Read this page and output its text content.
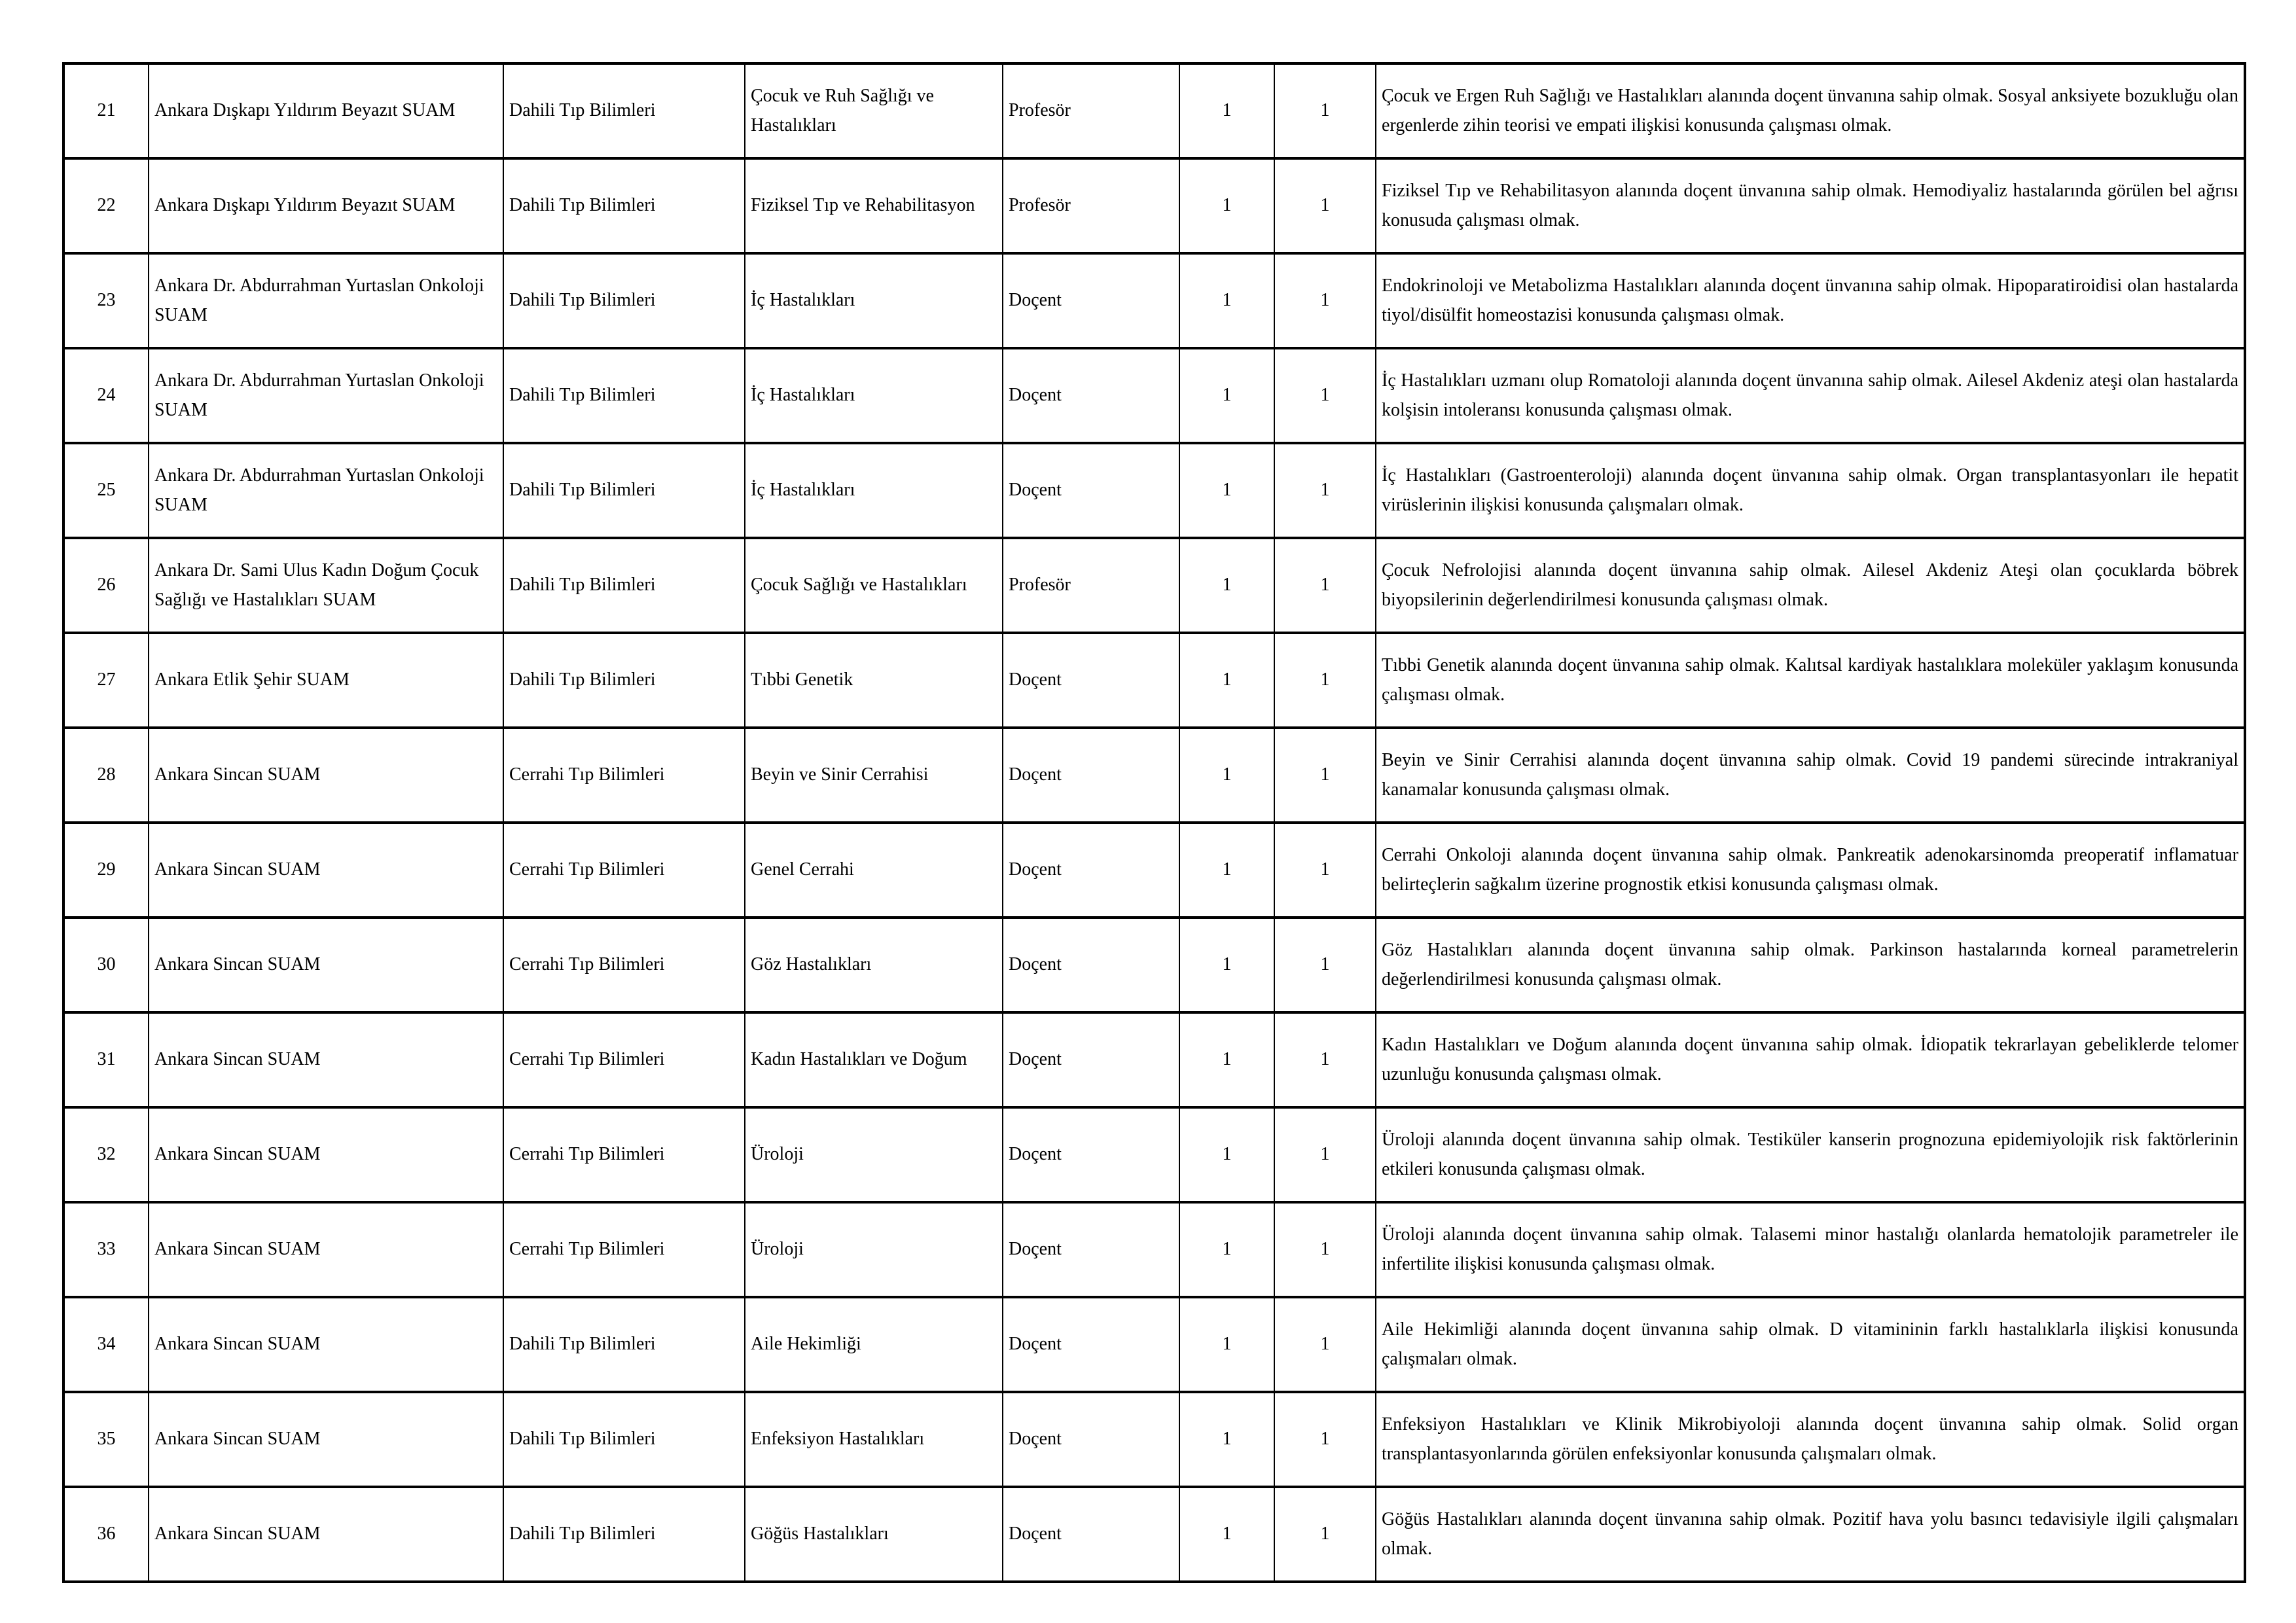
21	Ankara Dışkapı Yıldırım Beyazıt SUAM	Dahili Tıp Bilimleri	Çocuk ve Ruh Sağlığı ve Hastalıkları	Profesör	1	1	Çocuk ve Ergen Ruh Sağlığı ve Hastalıkları alanında doçent ünvanına sahip olmak. Sosyal anksiyete bozukluğu olan ergenlerde zihin teorisi ve empati ilişkisi konusunda çalışması olmak.
22	Ankara Dışkapı Yıldırım Beyazıt SUAM	Dahili Tıp Bilimleri	Fiziksel Tıp ve Rehabilitasyon	Profesör	1	1	Fiziksel Tıp ve Rehabilitasyon alanında doçent ünvanına sahip olmak. Hemodiyaliz hastalarında görülen bel ağrısı konusuda çalışması olmak.
23	Ankara Dr. Abdurrahman Yurtaslan Onkoloji SUAM	Dahili Tıp Bilimleri	İç Hastalıkları	Doçent	1	1	Endokrinoloji ve Metabolizma Hastalıkları alanında doçent ünvanına sahip olmak. Hipoparatiroidisi olan hastalarda tiyol/disülfit homeostazisi konusunda çalışması olmak.
24	Ankara Dr. Abdurrahman Yurtaslan Onkoloji SUAM	Dahili Tıp Bilimleri	İç Hastalıkları	Doçent	1	1	İç Hastalıkları uzmanı olup Romatoloji alanında doçent ünvanına sahip olmak. Ailesel Akdeniz ateşi olan hastalarda kolşisin intoleransı konusunda çalışması olmak.
25	Ankara Dr. Abdurrahman Yurtaslan Onkoloji SUAM	Dahili Tıp Bilimleri	İç Hastalıkları	Doçent	1	1	İç Hastalıkları (Gastroenteroloji) alanında doçent ünvanına sahip olmak. Organ transplantasyonları ile hepatit virüslerinin ilişkisi konusunda çalışmaları olmak.
26	Ankara Dr. Sami Ulus Kadın Doğum Çocuk Sağlığı ve Hastalıkları SUAM	Dahili Tıp Bilimleri	Çocuk Sağlığı ve Hastalıkları	Profesör	1	1	Çocuk Nefrolojisi alanında doçent ünvanına sahip olmak. Ailesel Akdeniz Ateşi olan çocuklarda böbrek biyopsilerinin değerlendirilmesi konusunda çalışması olmak.
27	Ankara Etlik Şehir SUAM	Dahili Tıp Bilimleri	Tıbbi Genetik	Doçent	1	1	Tıbbi Genetik alanında doçent ünvanına sahip olmak. Kalıtsal kardiyak hastalıklara moleküler yaklaşım konusunda çalışması olmak.
28	Ankara Sincan SUAM	Cerrahi Tıp Bilimleri	Beyin ve Sinir Cerrahisi	Doçent	1	1	Beyin ve Sinir Cerrahisi alanında doçent ünvanına sahip olmak. Covid 19 pandemi sürecinde intrakraniyal kanamalar konusunda çalışması olmak.
29	Ankara Sincan SUAM	Cerrahi Tıp Bilimleri	Genel Cerrahi	Doçent	1	1	Cerrahi Onkoloji alanında doçent ünvanına sahip olmak. Pankreatik adenokarsinomda preoperatif inflamatuar belirteçlerin sağkalım üzerine prognostik etkisi konusunda çalışması olmak.
30	Ankara Sincan SUAM	Cerrahi Tıp Bilimleri	Göz Hastalıkları	Doçent	1	1	Göz Hastalıkları alanında doçent ünvanına sahip olmak. Parkinson hastalarında korneal parametrelerin değerlendirilmesi konusunda çalışması olmak.
31	Ankara Sincan SUAM	Cerrahi Tıp Bilimleri	Kadın Hastalıkları ve Doğum	Doçent	1	1	Kadın Hastalıkları ve Doğum alanında doçent ünvanına sahip olmak. İdiopatik tekrarlayan gebeliklerde telomer uzunluğu konusunda çalışması olmak.
32	Ankara Sincan SUAM	Cerrahi Tıp Bilimleri	Üroloji	Doçent	1	1	Üroloji alanında doçent ünvanına sahip olmak. Testiküler kanserin prognozuna epidemiyolojik risk faktörlerinin etkileri konusunda çalışması olmak.
33	Ankara Sincan SUAM	Cerrahi Tıp Bilimleri	Üroloji	Doçent	1	1	Üroloji alanında doçent ünvanına sahip olmak. Talasemi minor hastalığı olanlarda hematolojik parametreler ile infertilite ilişkisi konusunda çalışması olmak.
34	Ankara Sincan SUAM	Dahili Tıp Bilimleri	Aile Hekimliği	Doçent	1	1	Aile Hekimliği alanında doçent ünvanına sahip olmak. D vitamininin farklı hastalıklarla ilişkisi konusunda çalışmaları olmak.
35	Ankara Sincan SUAM	Dahili Tıp Bilimleri	Enfeksiyon Hastalıkları	Doçent	1	1	Enfeksiyon Hastalıkları ve Klinik Mikrobiyoloji alanında doçent ünvanına sahip olmak. Solid organ transplantasyonlarında görülen enfeksiyonlar konusunda çalışmaları olmak.
36	Ankara Sincan SUAM	Dahili Tıp Bilimleri	Göğüs Hastalıkları	Doçent	1	1	Göğüs Hastalıkları alanında doçent ünvanına sahip olmak. Pozitif hava yolu basıncı tedavisiyle ilgili çalışmaları olmak.
